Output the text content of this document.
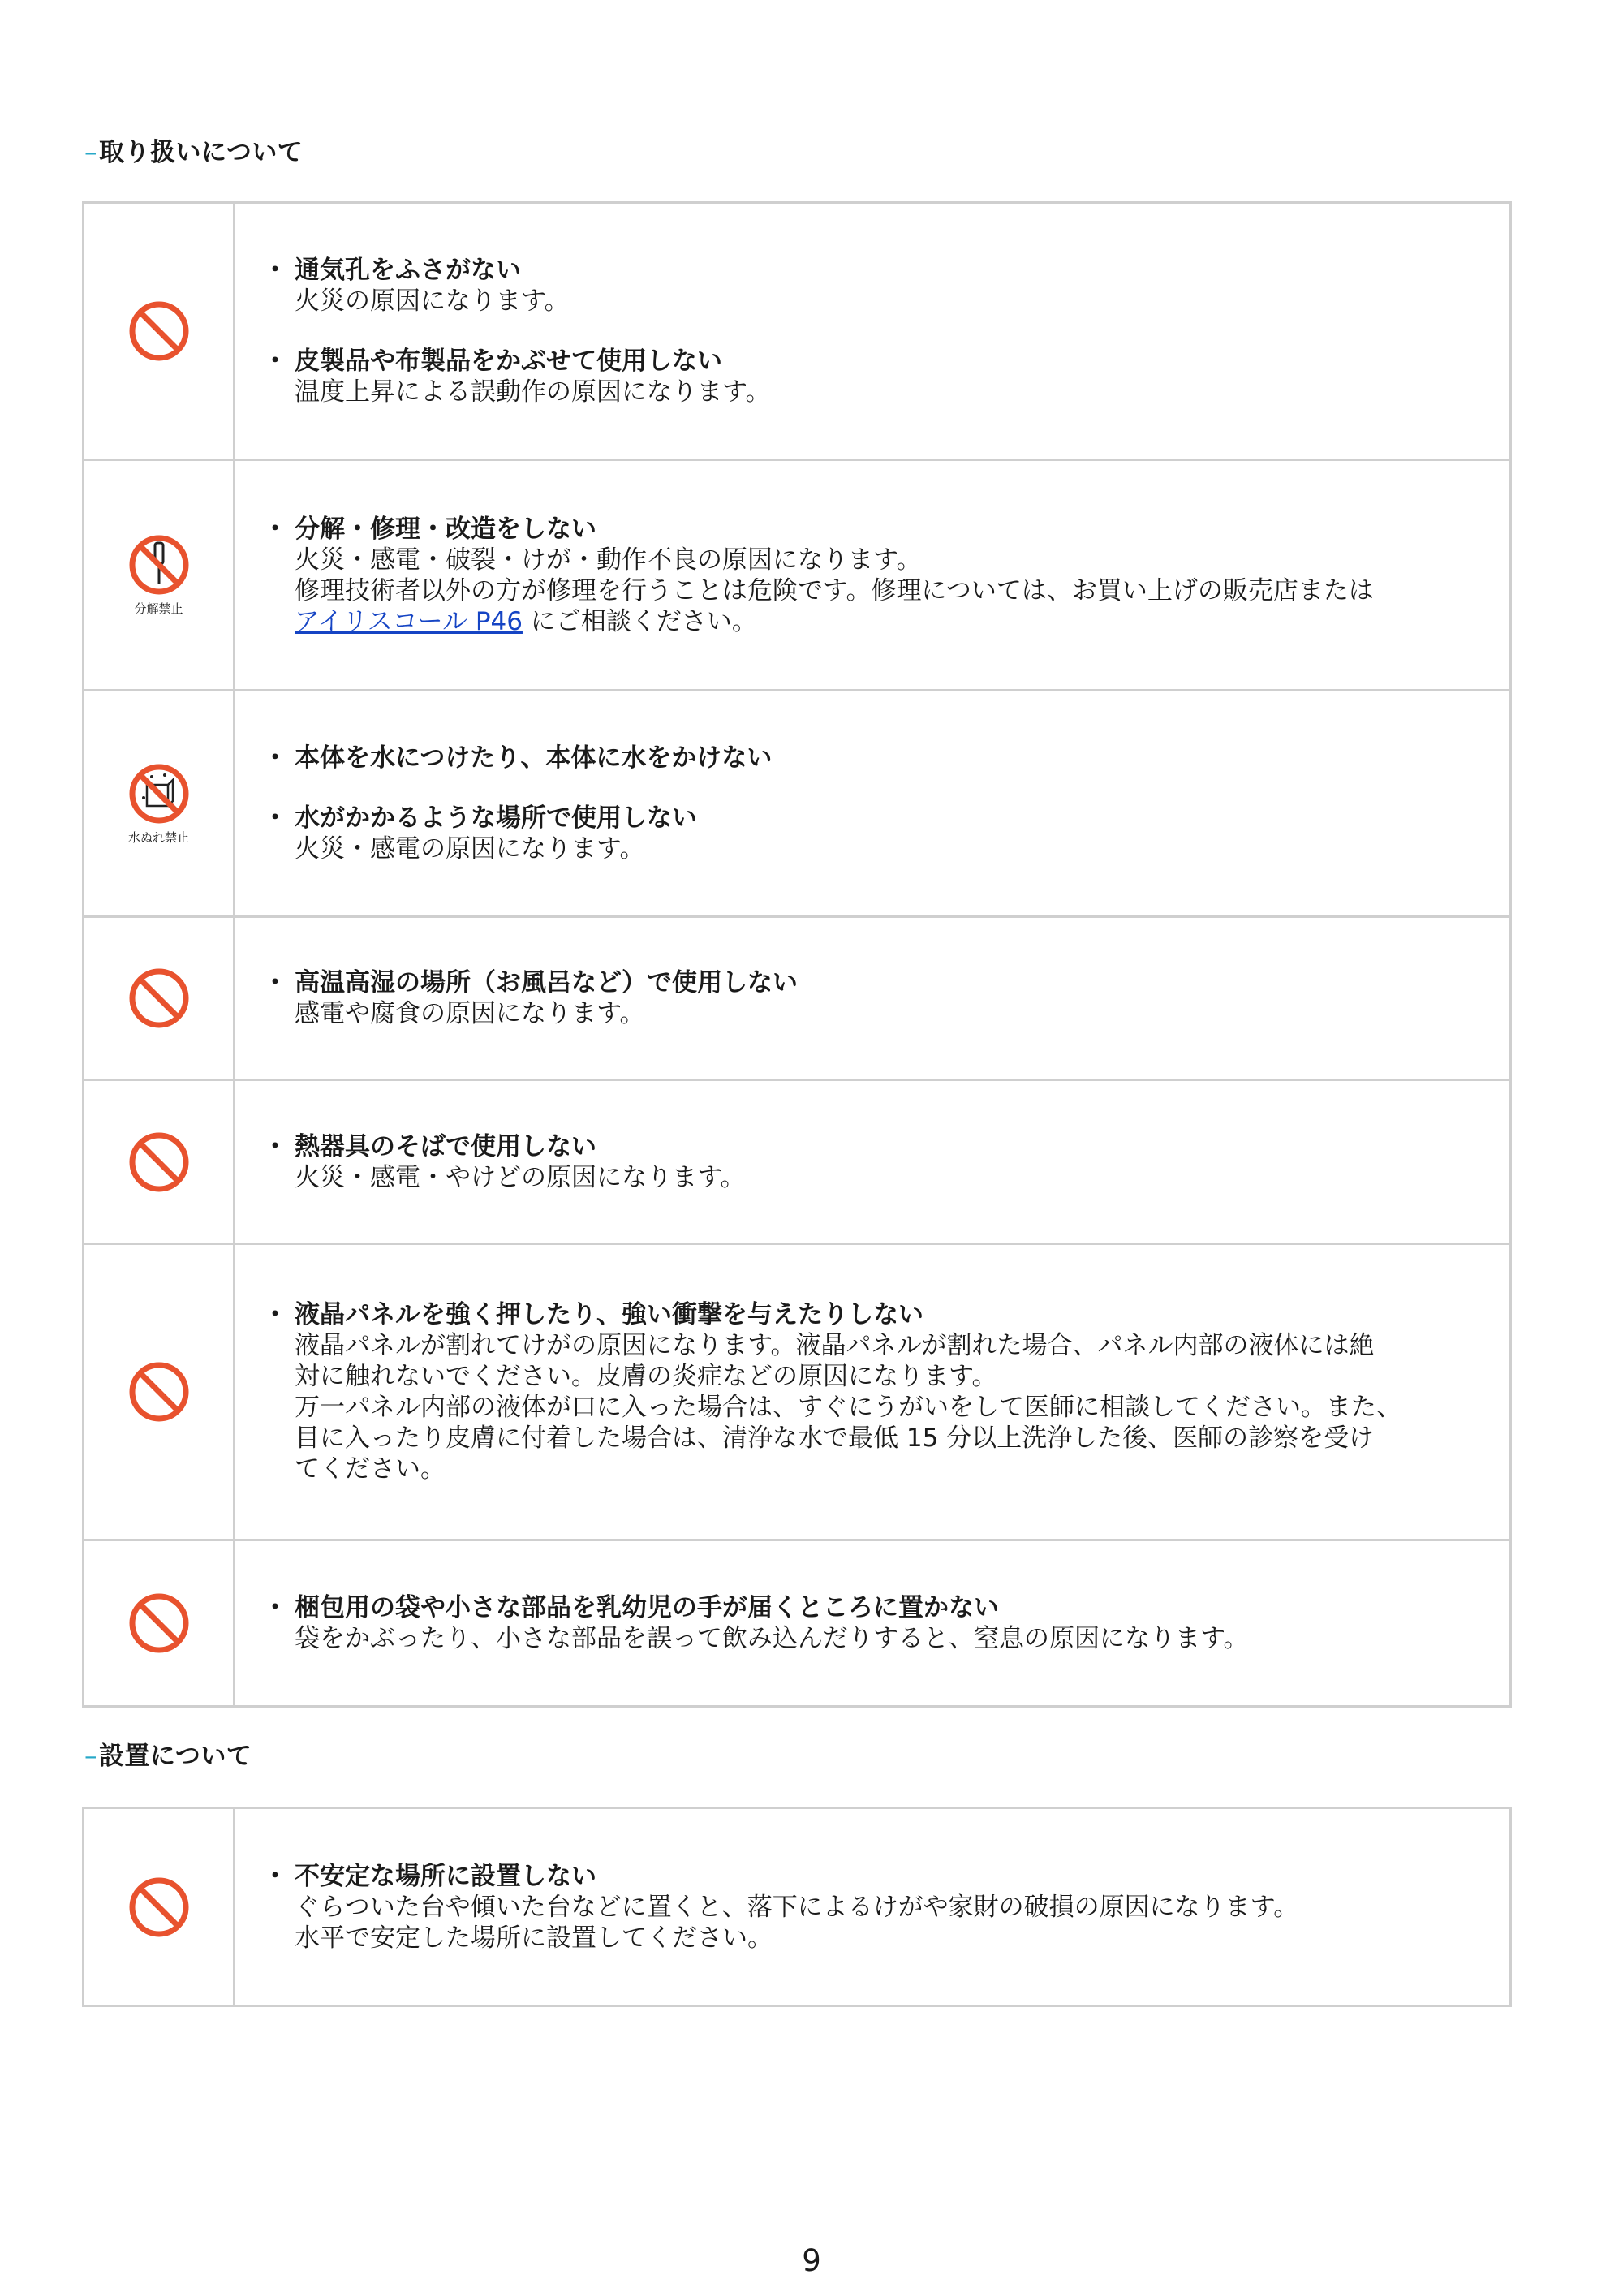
–取り扱いについて
・ 通気孔をふさがない
火災の原因になります。
・ 皮製品や布製品をかぶせて使用しない
温度上昇による誤動作の原因になります。
分解禁止
・ 分解・修理・改造をしない
火災・感電・破裂・けが・動作不良の原因になります。
修理技術者以外の方が修理を行うことは危険です。修理については、お買い上げの販売店または
アイリスコール P46 にご相談ください。
水ぬれ禁止
・ 本体を水につけたり、本体に水をかけない
・ 水がかかるような場所で使用しない
火災・感電の原因になります。
・ 高温高湿の場所（お風呂など）で使用しない
感電や腐食の原因になります。
・ 熱器具のそばで使用しない
火災・感電・やけどの原因になります。
・ 液晶パネルを強く押したり、強い衝撃を与えたりしない
液晶パネルが割れてけがの原因になります。液晶パネルが割れた場合、パネル内部の液体には絶
対に触れないでください。皮膚の炎症などの原因になります。
万一パネル内部の液体が口に入った場合は、すぐにうがいをして医師に相談してください。また、
目に入ったり皮膚に付着した場合は、清浄な水で最低 15 分以上洗浄した後、医師の診察を受け
てください。
・ 梱包用の袋や小さな部品を乳幼児の手が届くところに置かない
袋をかぶったり、小さな部品を誤って飲み込んだりすると、窒息の原因になります。
–設置について
・ 不安定な場所に設置しない
ぐらついた台や傾いた台などに置くと、落下によるけがや家財の破損の原因になります。
水平で安定した場所に設置してください。
9
